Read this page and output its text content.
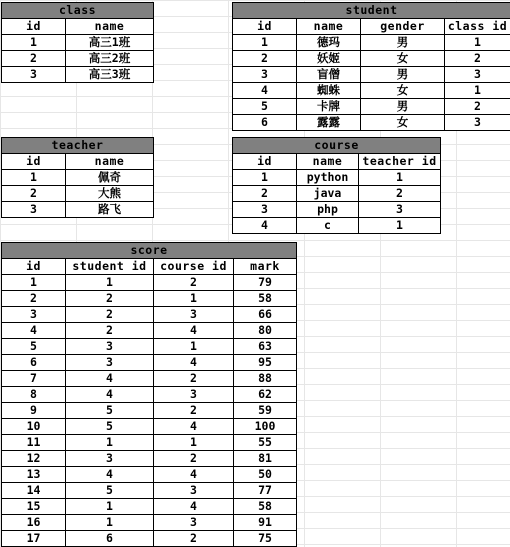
class	
id	name
1	高三1班
2	高三2班
3	高三3班
student			
id	name	gender	class id
1	德玛	男	1
2	妖姬	女	2
3	盲僧	男	3
4	蜘蛛	女	1
5	卡牌	男	2
6	露露	女	3
teacher	
id	name
1	佩奇
2	大熊
3	路飞
course		
id	name	teacher id
1	python	1
2	java	2
3	php	3
4	c	1
score			
id	student id	course id	mark
1	1	2	79
2	2	1	58
3	2	3	66
4	2	4	80
5	3	1	63
6	3	4	95
7	4	2	88
8	4	3	62
9	5	2	59
10	5	4	100
11	1	1	55
12	3	2	81
13	4	4	50
14	5	3	77
15	1	4	58
16	1	3	91
17	6	2	75
